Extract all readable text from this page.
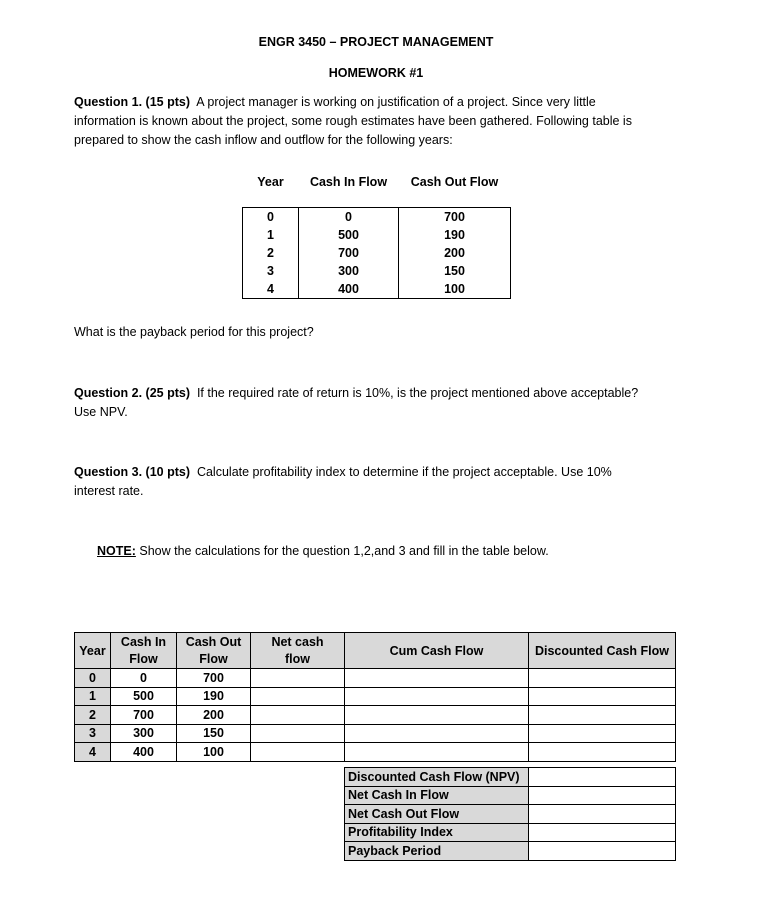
ENGR 3450 – PROJECT MANAGEMENT
HOMEWORK #1
Question 1. (15 pts) A project manager is working on justification of a project. Since very little
information is known about the project, some rough estimates have been gathered. Following table is
prepared to show the cash inflow and outflow for the following years:
Year	Cash In Flow	Cash Out Flow

0	0	700
1	500	190
2	700	200
3	300	150
4	400	100
What is the payback period for this project?
Question 2. (25 pts) If the required rate of return is 10%, is the project mentioned above acceptable?
Use NPV.
Question 3. (10 pts) Calculate profitability index to determine if the project acceptable. Use 10%
interest rate.
NOTE: Show the calculations for the question 1,2,and 3 and fill in the table below.
Year	Cash In	Cash Out	Net cash	Cum Cash Flow	Discounted Cash Flow
	Flow	Flow	flow		
0	0	700			
1	500	190			
2	700	200			
3	300	150			
4	400	100			
Discounted Cash Flow (NPV)	
Net Cash In Flow	
Net Cash Out Flow	
Profitability Index	
Payback Period	
